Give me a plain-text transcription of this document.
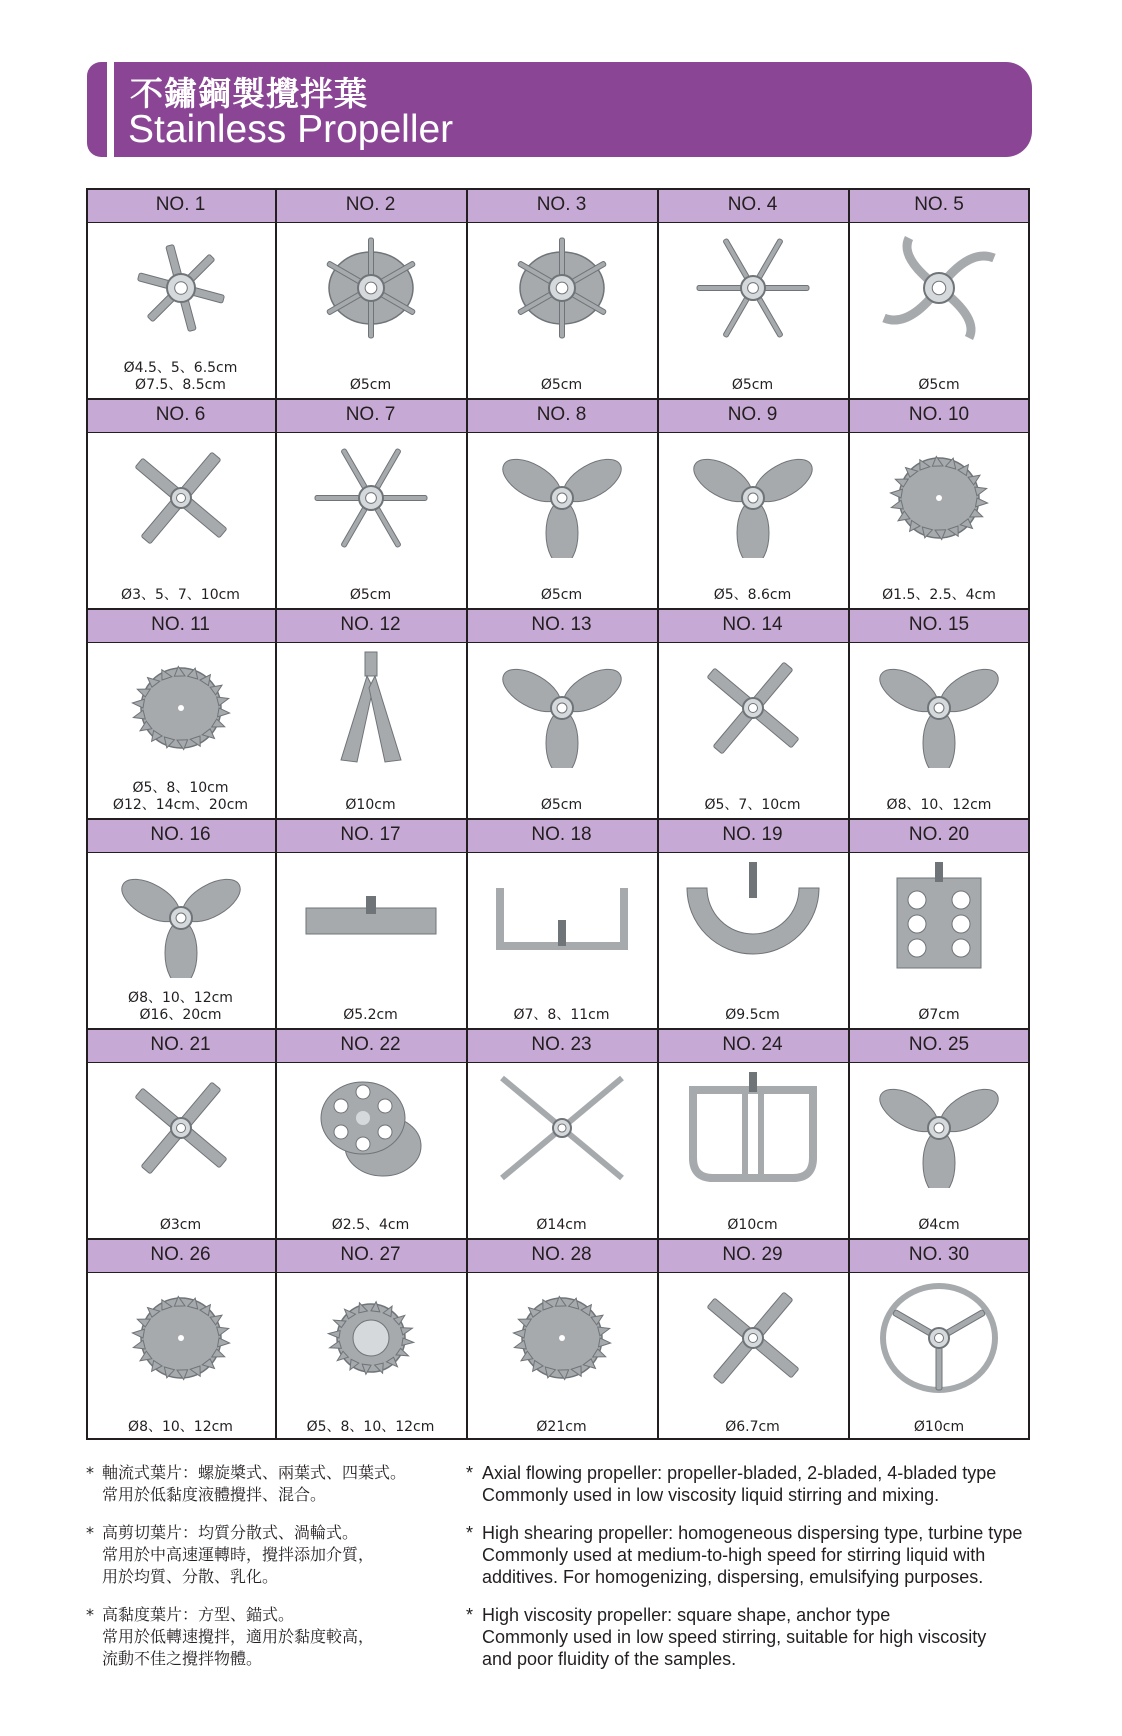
不鏽鋼製攪拌葉
Stainless Propeller
NO. 1
Ø4.5、5、6.5cm
Ø7.5、8.5cm
NO. 2
Ø5cm
NO. 3
Ø5cm
NO. 4
Ø5cm
NO. 5
Ø5cm
NO. 6
Ø3、5、7、10cm
NO. 7
Ø5cm
NO. 8
Ø5cm
NO. 9
Ø5、8.6cm
NO. 10
Ø1.5、2.5、4cm
NO. 11
Ø5、8、10cm
Ø12、14cm、20cm
NO. 12
Ø10cm
NO. 13
Ø5cm
NO. 14
Ø5、7、10cm
NO. 15
Ø8、10、12cm
NO. 16
Ø8、10、12cm
Ø16、20cm
NO. 17
Ø5.2cm
NO. 18
Ø7、8、11cm
NO. 19
Ø9.5cm
NO. 20
Ø7cm
NO. 21
Ø3cm
NO. 22
Ø2.5、4cm
NO. 23
Ø14cm
NO. 24
Ø10cm
NO. 25
Ø4cm
NO. 26
Ø8、10、12cm
NO. 27
Ø5、8、10、12cm
NO. 28
Ø21cm
NO. 29
Ø6.7cm
NO. 30
Ø10cm
* 軸流式葉片：螺旋槳式、兩葉式、四葉式。
常用於低黏度液體攪拌、混合。
* 高剪切葉片：均質分散式、渦輪式。
常用於中高速運轉時，攪拌添加介質，
用於均質、分散、乳化。
* 高黏度葉片：方型、錨式。
常用於低轉速攪拌，適用於黏度較高，
流動不佳之攪拌物體。
* Axial flowing propeller: propeller-bladed, 2-bladed, 4-bladed type
Commonly used in low viscosity liquid stirring and mixing.
* High shearing propeller: homogeneous dispersing type, turbine type
Commonly used at medium-to-high speed for stirring liquid with
additives. For homogenizing, dispersing, emulsifying purposes.
* High viscosity propeller: square shape, anchor type
Commonly used in low speed stirring, suitable for high viscosity
and poor fluidity of the samples.
